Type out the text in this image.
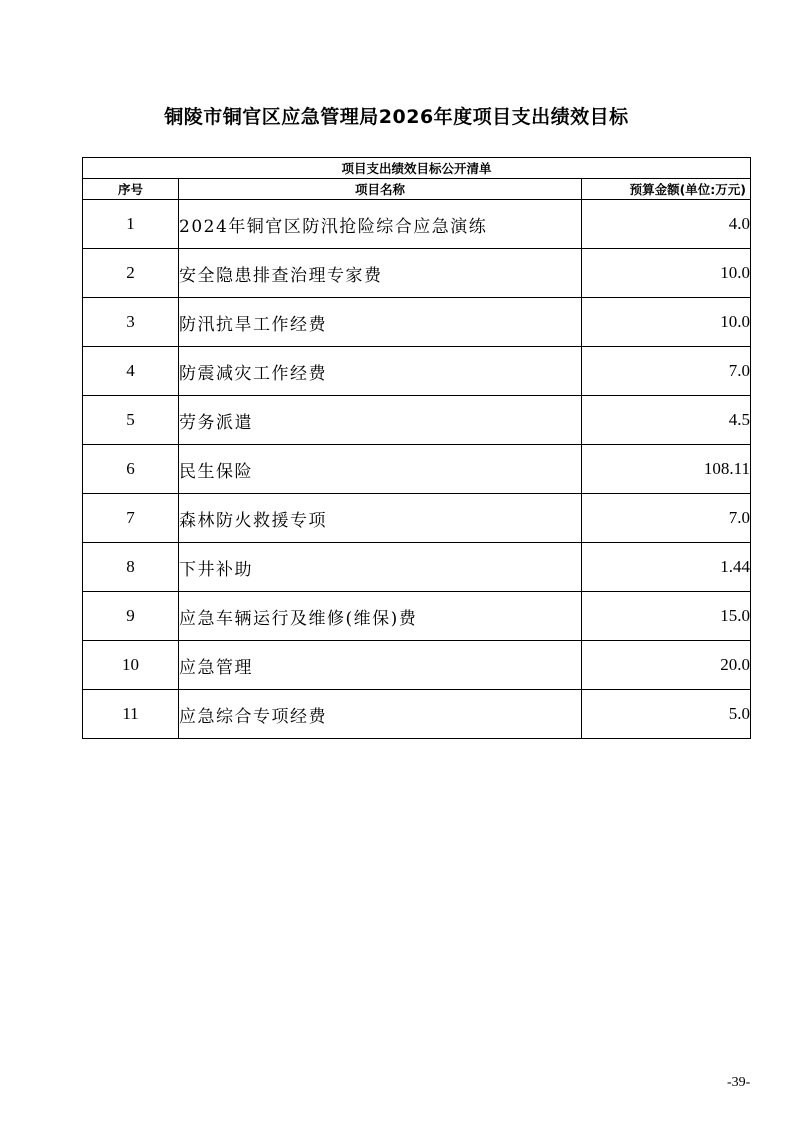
铜陵市铜官区应急管理局2026年度项目支出绩效目标
项目支出绩效目标公开清单		
序号	项目名称	预算金额(单位:万元)
1	2024年铜官区防汛抢险综合应急演练	4.0
2	安全隐患排查治理专家费	10.0
3	防汛抗旱工作经费	10.0
4	防震减灾工作经费	7.0
5	劳务派遣	4.5
6	民生保险	108.11
7	森林防火救援专项	7.0
8	下井补助	1.44
9	应急车辆运行及维修(维保)费	15.0
10	应急管理	20.0
11	应急综合专项经费	5.0
-39-
